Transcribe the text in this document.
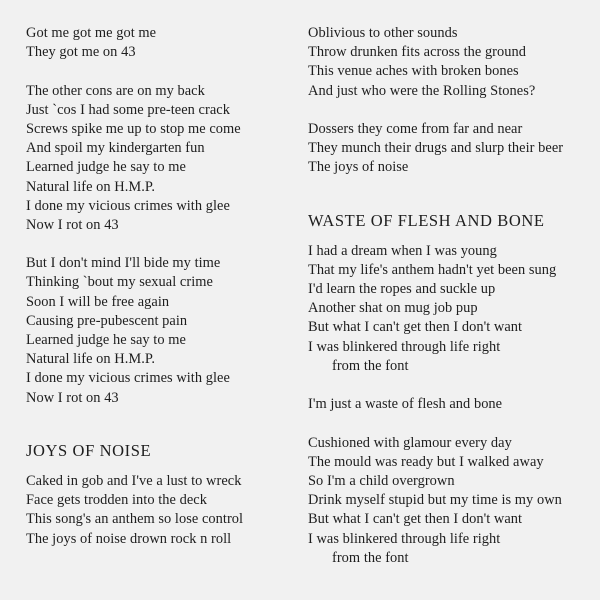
Got me got me got me
They got me on 43
The other cons are on my back
Just `cos I had some pre-teen crack
Screws spike me up to stop me come
And spoil my kindergarten fun
Learned judge he say to me
Natural life on H.M.P.
I done my vicious crimes with glee
Now I rot on 43
But I don't mind I'll bide my time
Thinking `bout my sexual crime
Soon I will be free again
Causing pre-pubescent pain
Learned judge he say to me
Natural life on H.M.P.
I done my vicious crimes with glee
Now I rot on 43
JOYS OF NOISE
Caked in gob and I've a lust to wreck
Face gets trodden into the deck
This song's an anthem so lose control
The joys of noise drown rock n roll
Oblivious to other sounds
Throw drunken fits across the ground
This venue aches with broken bones
And just who were the Rolling Stones?
Dossers they come from far and near
They munch their drugs and slurp their beer
The joys of noise
WASTE OF FLESH AND BONE
I had a dream when I was young
That my life's anthem hadn't yet been sung
I'd learn the ropes and suckle up
Another shat on mug job pup
But what I can't get then I don't want
I was blinkered through life right
from the font
I'm just a waste of flesh and bone
Cushioned with glamour every day
The mould was ready but I walked away
So I'm a child overgrown
Drink myself stupid but my time is my own
But what I can't get then I don't want
I was blinkered through life right
from the font
